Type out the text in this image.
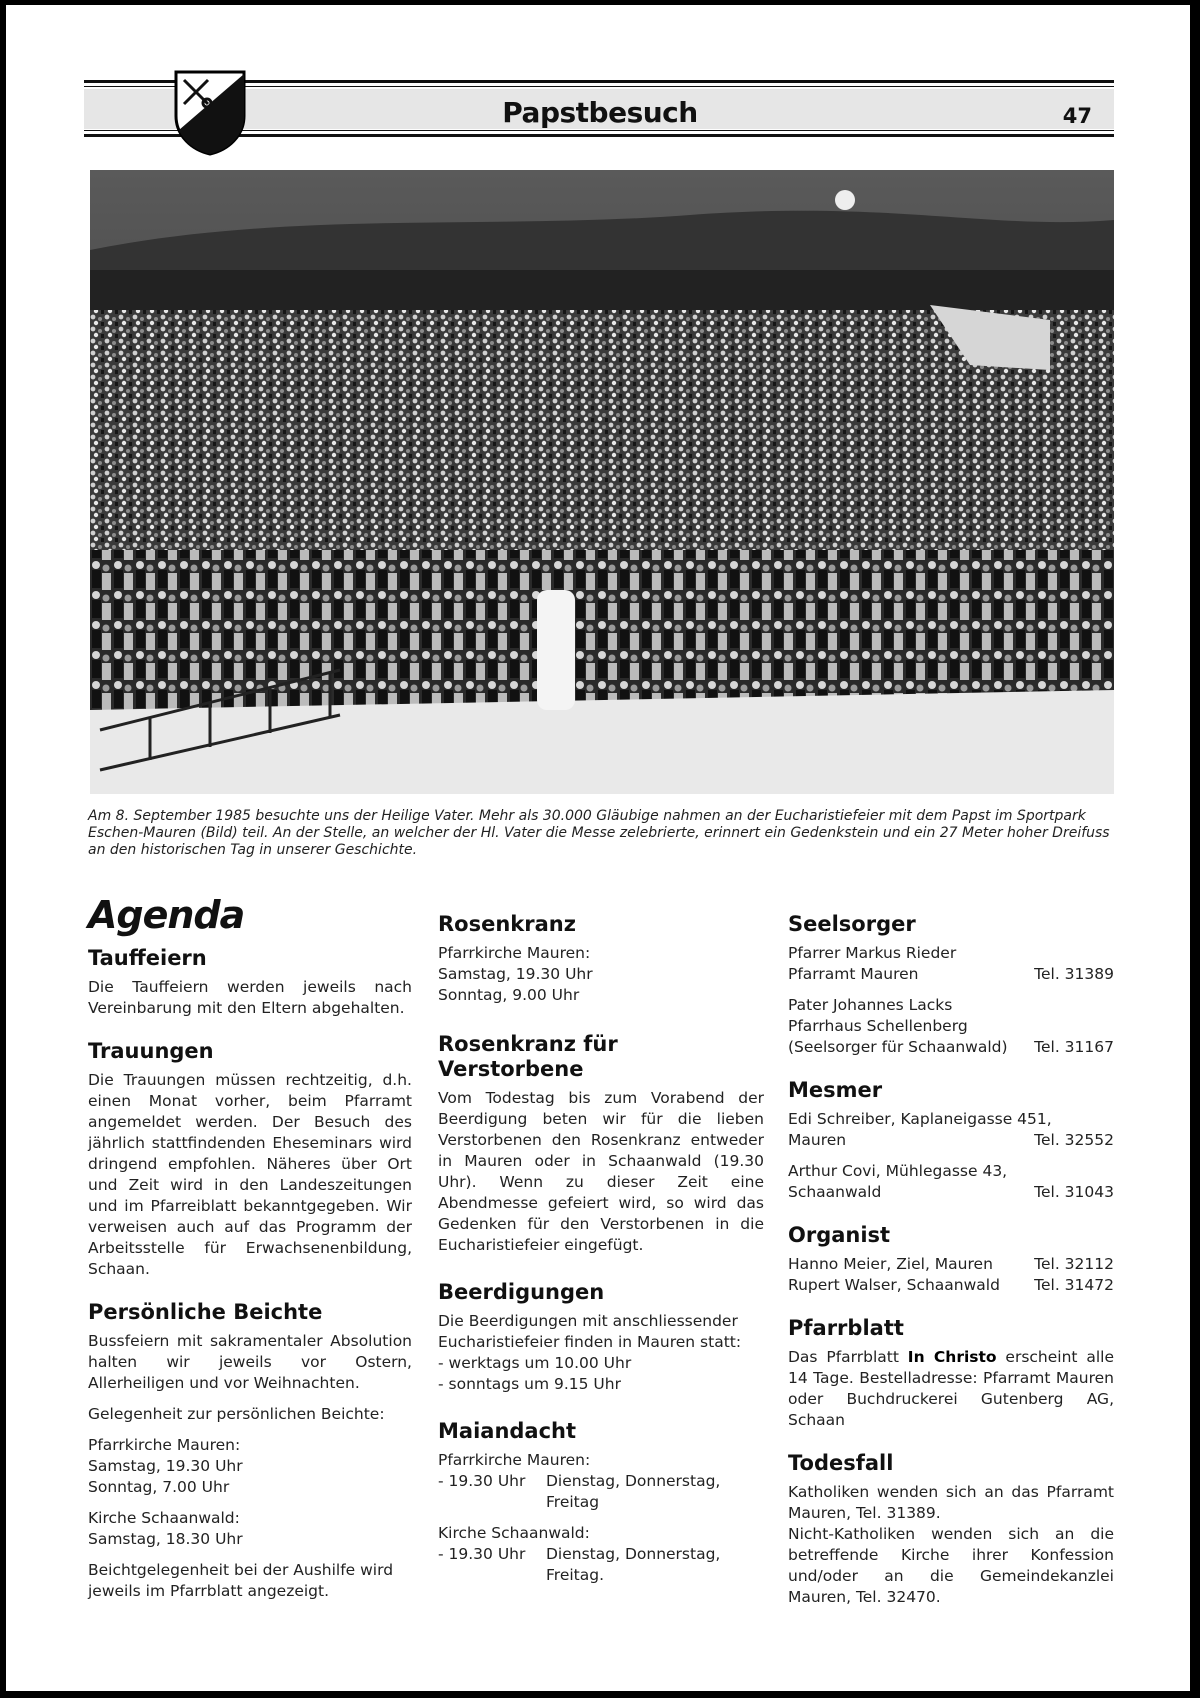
Papstbesuch	47
Am 8. September 1985 besuchte uns der Heilige Vater. Mehr als 30.000 Gläubige nahmen an der Eucharistiefeier mit dem Papst im Sportpark Eschen-Mauren (Bild) teil. An der Stelle, an welcher der Hl. Vater die Messe zelebrierte, erinnert ein Gedenkstein und ein 27 Meter hoher Dreifuss an den historischen Tag in unserer Geschichte.
Agenda
Tauffeiern
Die Tauffeiern werden jeweils nach Vereinbarung mit den Eltern abgehalten.
Trauungen
Die Trauungen müssen rechtzeitig, d.h. einen Monat vorher, beim Pfarramt angemeldet werden. Der Besuch des jährlich stattfindenden Eheseminars wird dringend empfohlen. Näheres über Ort und Zeit wird in den Landeszeitungen und im Pfarreiblatt bekanntgegeben. Wir verweisen auch auf das Programm der Arbeitsstelle für Erwachsenenbildung, Schaan.
Persönliche Beichte
Bussfeiern mit sakramentaler Absolution halten wir jeweils vor Ostern, Allerheiligen und vor Weihnachten.
Gelegenheit zur persönlichen Beichte:
Pfarrkirche Mauren:
Samstag, 19.30 Uhr
Sonntag, 7.00 Uhr
Kirche Schaanwald:
Samstag, 18.30 Uhr
Beichtgelegenheit bei der Aushilfe wird jeweils im Pfarrblatt angezeigt.
Rosenkranz
Pfarrkirche Mauren:
Samstag, 19.30 Uhr
Sonntag, 9.00 Uhr
Rosenkranz für Verstorbene
Vom Todestag bis zum Vorabend der Beerdigung beten wir für die lieben Verstorbenen den Rosenkranz entweder in Mauren oder in Schaanwald (19.30 Uhr). Wenn zu dieser Zeit eine Abendmesse gefeiert wird, so wird das Gedenken für den Verstorbenen in die Eucharistiefeier eingefügt.
Beerdigungen
Die Beerdigungen mit anschliessender Eucharistiefeier finden in Mauren statt:
- werktags um 10.00 Uhr
- sonntags um 9.15 Uhr
Maiandacht
Pfarrkirche Mauren:
- 19.30 Uhr	Dienstag, Donnerstag, Freitag
Kirche Schaanwald:
- 19.30 Uhr	Dienstag, Donnerstag, Freitag.
Seelsorger
Pfarrer Markus Rieder
Pfarramt Mauren	Tel. 31389
Pater Johannes Lacks
Pfarrhaus Schellenberg
(Seelsorger für Schaanwald) Tel. 31167
Mesmer
Edi Schreiber, Kaplaneigasse 451,
Mauren	Tel. 32552
Arthur Covi, Mühlegasse 43,
Schaanwald	Tel. 31043
Organist
Hanno Meier, Ziel, Mauren	Tel. 32112
Rupert Walser, Schaanwald Tel. 31472
Pfarrblatt
Das Pfarrblatt In Christo erscheint alle 14 Tage. Bestelladresse: Pfarramt Mauren oder Buchdruckerei Gutenberg AG, Schaan
Todesfall
Katholiken wenden sich an das Pfarramt Mauren, Tel. 31389.
Nicht-Katholiken wenden sich an die betreffende Kirche ihrer Konfession und/oder an die Gemeindekanzlei Mauren, Tel. 32470.
